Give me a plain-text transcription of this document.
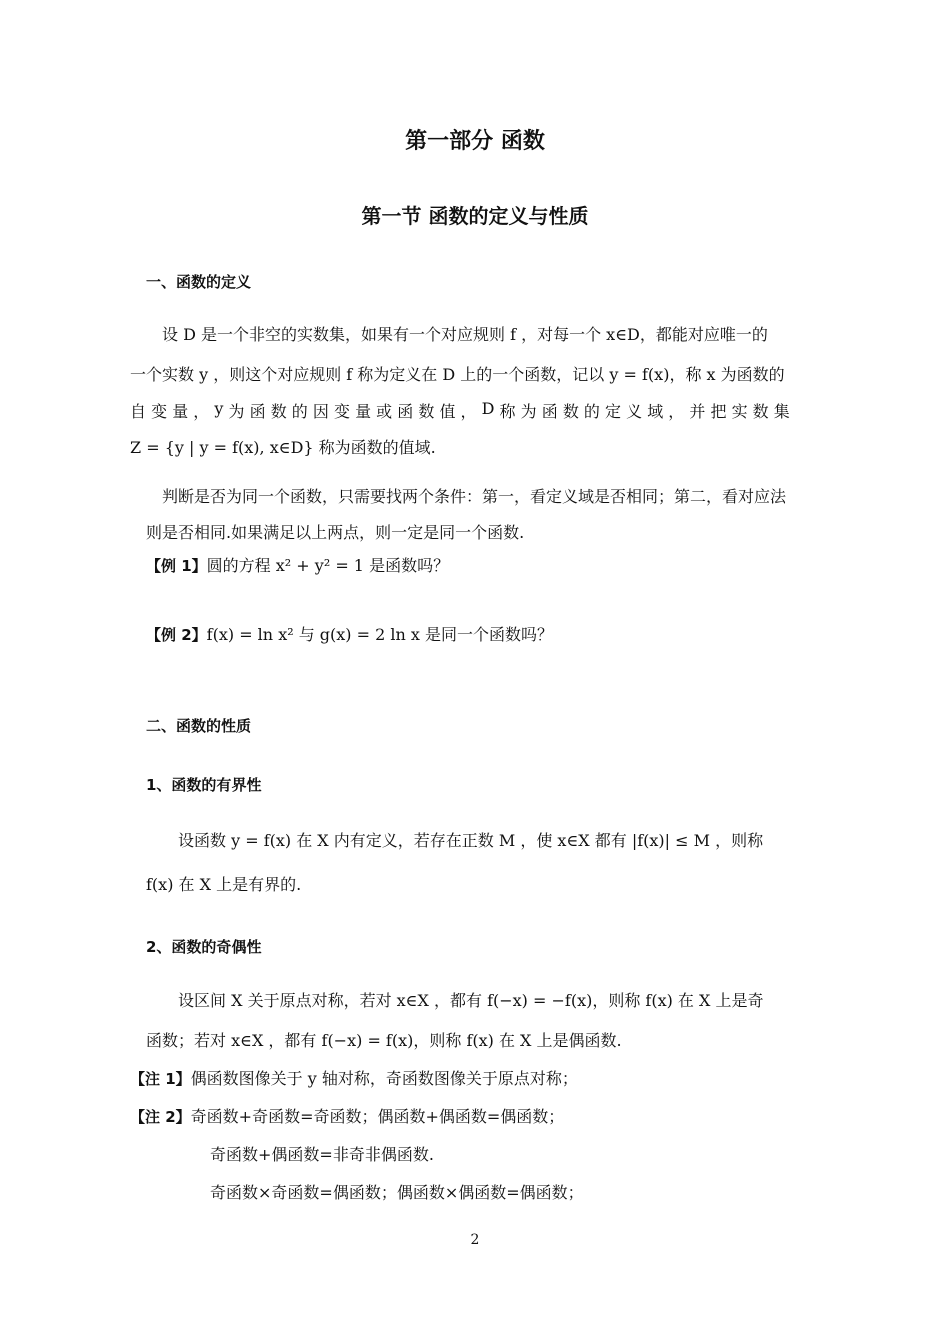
第一部分 函数
第一节 函数的定义与性质
一、函数的定义
设 D 是一个非空的实数集，如果有一个对应规则 f ，对每一个 x∈D，都能对应唯一的
一个实数 y ，则这个对应规则 f 称为定义在 D 上的一个函数，记以 y = f(x)，称 x 为函数的
自 变 量 ， y 为 函 数 的 因 变 量 或 函 数 值 ， D 称 为 函 数 的 定 义 域 ， 并 把 实 数 集
Z = {y | y = f(x), x∈D} 称为函数的值域.
判断是否为同一个函数，只需要找两个条件：第一，看定义域是否相同；第二，看对应法
则是否相同.如果满足以上两点，则一定是同一个函数.
【例 1】圆的方程 x² + y² = 1 是函数吗？
【例 2】f(x) = ln x² 与 g(x) = 2 ln x 是同一个函数吗？
二、函数的性质
1、函数的有界性
设函数 y = f(x) 在 X 内有定义，若存在正数 M ，使 x∈X 都有 |f(x)| ≤ M ，则称
f(x) 在 X 上是有界的.
2、函数的奇偶性
设区间 X 关于原点对称，若对 x∈X ，都有 f(−x) = −f(x)，则称 f(x) 在 X 上是奇
函数；若对 x∈X ，都有 f(−x) = f(x)，则称 f(x) 在 X 上是偶函数.
【注 1】偶函数图像关于 y 轴对称，奇函数图像关于原点对称；
【注 2】奇函数+奇函数=奇函数；偶函数+偶函数=偶函数；
奇函数+偶函数=非奇非偶函数.
奇函数×奇函数=偶函数；偶函数×偶函数=偶函数；
2
